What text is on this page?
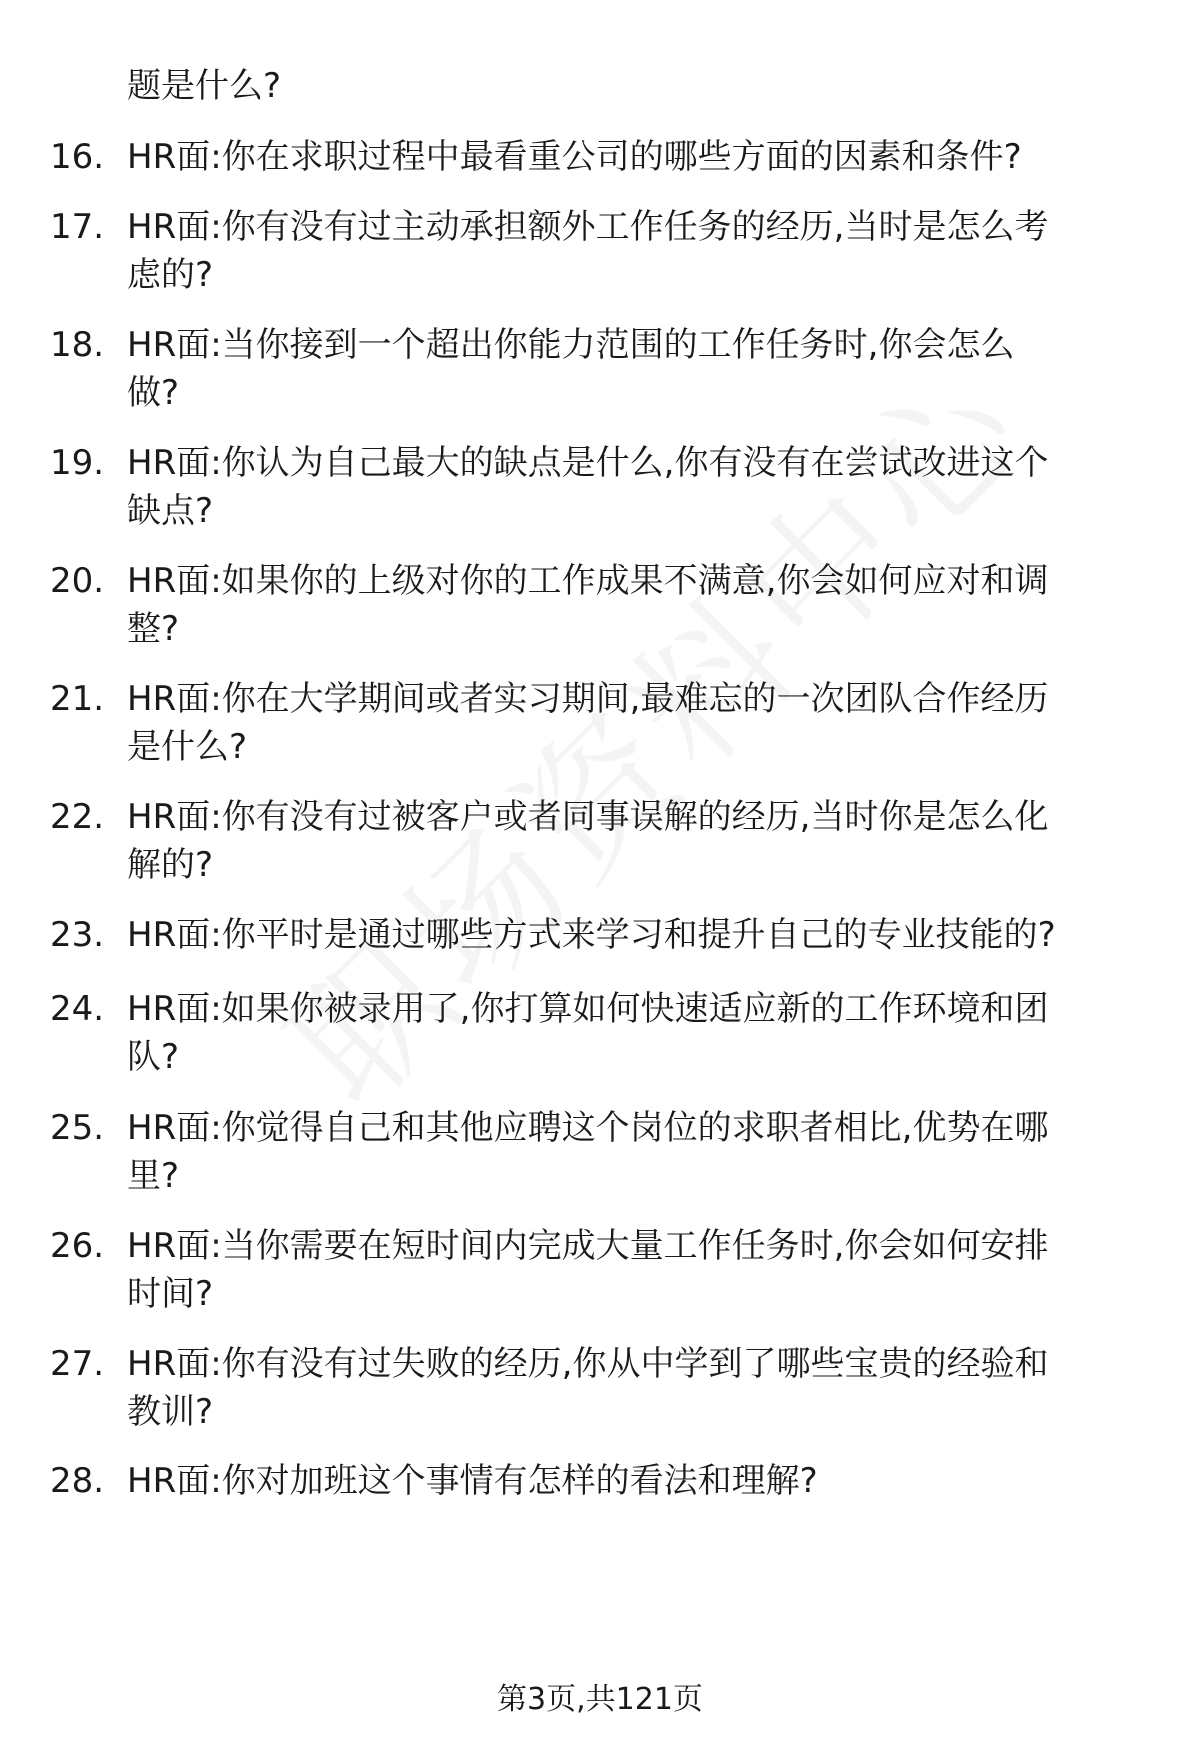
题是什么?
16. HR面:你在求职过程中最看重公司的哪些方面的因素和条件?
17. HR面:你有没有过主动承担额外工作任务的经历,当时是怎么考
虑的?
18. HR面:当你接到一个超出你能力范围的工作任务时,你会怎么
做?
19. HR面:你认为自己最大的缺点是什么,你有没有在尝试改进这个
缺点?
20. HR面:如果你的上级对你的工作成果不满意,你会如何应对和调
整?
21. HR面:你在大学期间或者实习期间,最难忘的一次团队合作经历
是什么?
22. HR面:你有没有过被客户或者同事误解的经历,当时你是怎么化
解的?
23. HR面:你平时是通过哪些方式来学习和提升自己的专业技能的?
24. HR面:如果你被录用了,你打算如何快速适应新的工作环境和团
队?
25. HR面:你觉得自己和其他应聘这个岗位的求职者相比,优势在哪
里?
26. HR面:当你需要在短时间内完成大量工作任务时,你会如何安排
时间?
27. HR面:你有没有过失败的经历,你从中学到了哪些宝贵的经验和
教训?
28. HR面:你对加班这个事情有怎样的看法和理解?
第3页,共121页
